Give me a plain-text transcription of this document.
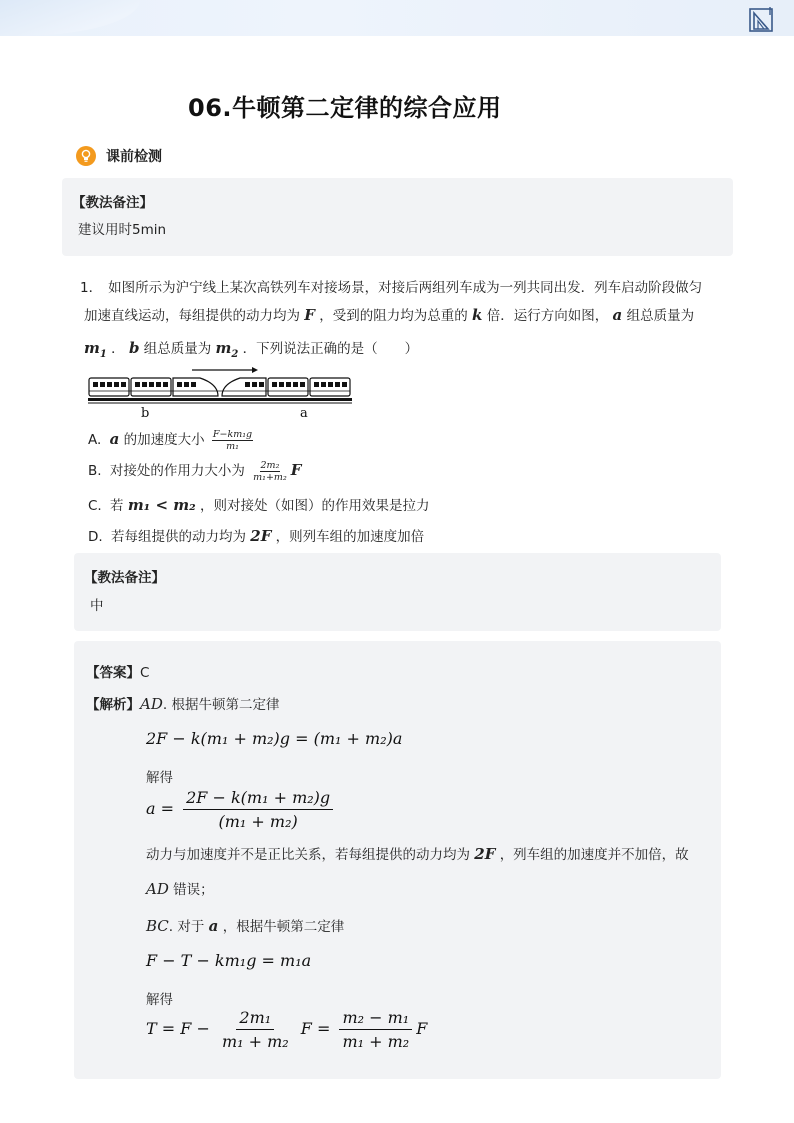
06.牛顿第二定律的综合应用
课前检测
【教法备注】
建议用时5min
1． 如图所示为沪宁线上某次高铁列车对接场景，对接后两组列车成为一列共同出发．列车启动阶段做匀
加速直线运动，每组提供的动力均为 F ，受到的阻力均为总重的 k 倍．运行方向如图， a 组总质量为
$m_1$ ． b 组总质量为 $m_2$ ．下列说法正确的是（　　）
b	a
A. a 的加速度大小 $\frac{\text{F−km₁g}}{\text{m₁}}$
B. 对接处的作用力大小为 $\frac{\text{2m₂}}{\text{m₁+m₂}}$ F
C. 若 m₁ < m₂ ，则对接处（如图）的作用效果是拉力
D. 若每组提供的动力均为 2F ，则列车组的加速度加倍
【教法备注】
中
【答案】C
【解析】AD. 根据牛顿第二定律
2F − k(m₁ + m₂)g = (m₁ + m₂)a
解得
$a = \frac{\text{2F − k(m₁ + m₂)g}}{\text{(m₁ + m₂)}}$
动力与加速度并不是正比关系，若每组提供的动力均为 2F ，列车组的加速度并不加倍，故
AD 错误；
BC. 对于 a ，根据牛顿第二定律
F − T − km₁g = m₁a
解得
$T = F - \frac{\text{2m₁}}{\text{m₁ + m₂}}$ $F = \frac{\text{m₂ − m₁}}{\text{m₁ + m₂}}$ F
